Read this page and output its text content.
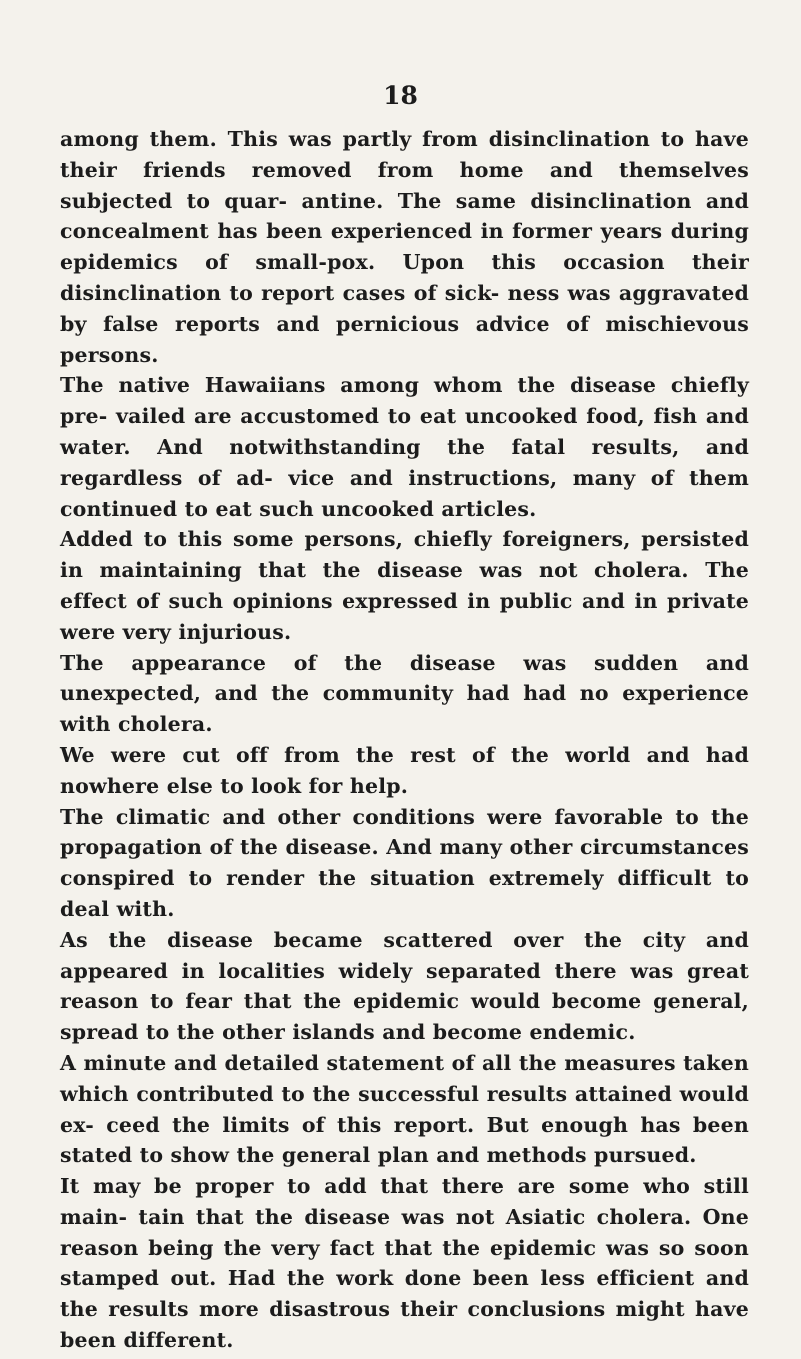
18

among them. This was partly from disinclination to have their friends removed from home and themselves subjected to quar- antine. The same disinclination and concealment has been experienced in former years during epidemics of small-pox. Upon this occasion their disinclination to report cases of sick- ness was aggravated by false reports and pernicious advice of mischievous persons.

The native Hawaiians among whom the disease chiefly pre- vailed are accustomed to eat uncooked food, fish and water. And notwithstanding the fatal results, and regardless of ad- vice and instructions, many of them continued to eat such uncooked articles.

Added to this some persons, chiefly foreigners, persisted in maintaining that the disease was not cholera. The effect of such opinions expressed in public and in private were very injurious.

The appearance of the disease was sudden and unexpected, and the community had had no experience with cholera.

We were cut off from the rest of the world and had nowhere else to look for help.

The climatic and other conditions were favorable to the propagation of the disease. And many other circumstances conspired to render the situation extremely difficult to deal with.

As the disease became scattered over the city and appeared in localities widely separated there was great reason to fear that the epidemic would become general, spread to the other islands and become endemic.

A minute and detailed statement of all the measures taken which contributed to the successful results attained would ex- ceed the limits of this report. But enough has been stated to show the general plan and methods pursued.

It may be proper to add that there are some who still main- tain that the disease was not Asiatic cholera. One reason being the very fact that the epidemic was so soon stamped out. Had the work done been less efficient and the results more disastrous their conclusions might have been different.
